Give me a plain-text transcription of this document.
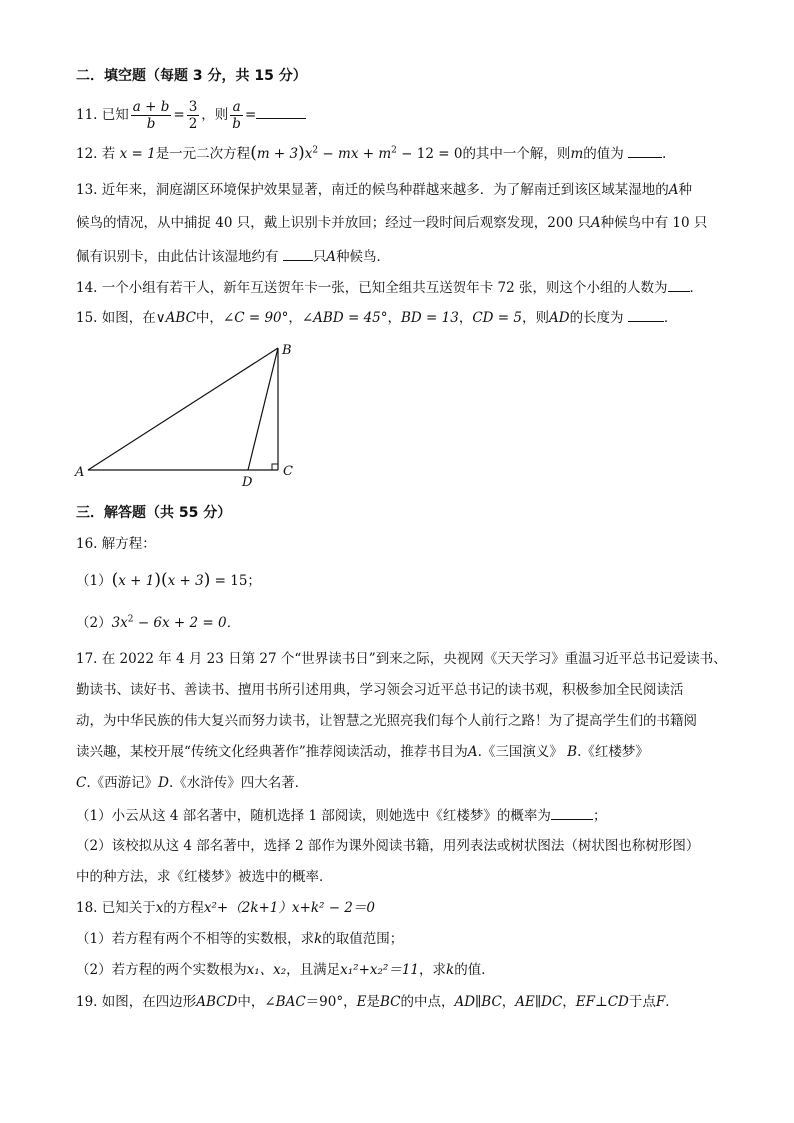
二．填空题（每题 3 分，共 15 分）
11. 已知 $\frac{a + b}{b} = \frac{3}{2}$ ，则 $\frac{a}{b}$ =
12. 若 x = 1是一元二次方程$(m + 3)x^2$ − mx + $m^2 - 12 = 0$的其中一个解，则m的值为	.
13. 近年来，洞庭湖区环境保护效果显著，南迁的候鸟种群越来越多．为了解南迁到该区域某湿地的A种
候鸟的情况，从中捕捉 40 只，戴上识别卡并放回；经过一段时间后观察发现，200 只A种候鸟中有 10 只
佩有识别卡，由此估计该湿地约有	只A种候鸟．
14. 一个小组有若干人，新年互送贺年卡一张，已知全组共互送贺年卡 72 张，则这个小组的人数为 ．
15. 如图，在∨ABC中，∠C = 90°，∠ABD = 45°，BD = 13，CD = 5，则AD的长度为	．
A
B
C
D
三．解答题（共 55 分）
16. 解方程：
（1）(x + 1)(x + 3) = 15；
$(2)3x^2 - 6x + 2 = 0$．
17. 在 2022 年 4 月 23 日第 27 个“世界读书日”到来之际，央视网《天天学习》重温习近平总书记爱读书、
勤读书、读好书、善读书、擅用书所引述用典，学习领会习近平总书记的读书观，积极参加全民阅读活
动，为中华民族的伟大复兴而努力读书，让智慧之光照亮我们每个人前行之路！为了提高学生们的书籍阅
读兴趣，某校开展“传统文化经典著作”推荐阅读活动，推荐书目为A.《三国演义》 B.《红楼梦》
C.《西游记》D.《水浒传》四大名著．
（1）小云从这 4 部名著中，随机选择 1 部阅读，则她选中《红楼梦》的概率为	；
（2）该校拟从这 4 部名著中，选择 2 部作为课外阅读书籍，用列表法或树状图法（树状图也称树形图）
中的种方法，求《红楼梦》被选中的概率．
18. 已知关于x的方程x²+（2k+1）x+k² − 2＝0
（1）若方程有两个不相等的实数根，求k的取值范围；
（2）若方程的两个实数根为x₁、x₂，且满足x₁²+x₂²＝11，求k的值．
19. 如图，在四边形ABCD中，∠BAC＝90°，E是BC的中点，AD∥BC，AE∥DC，EF⊥CD于点F．
